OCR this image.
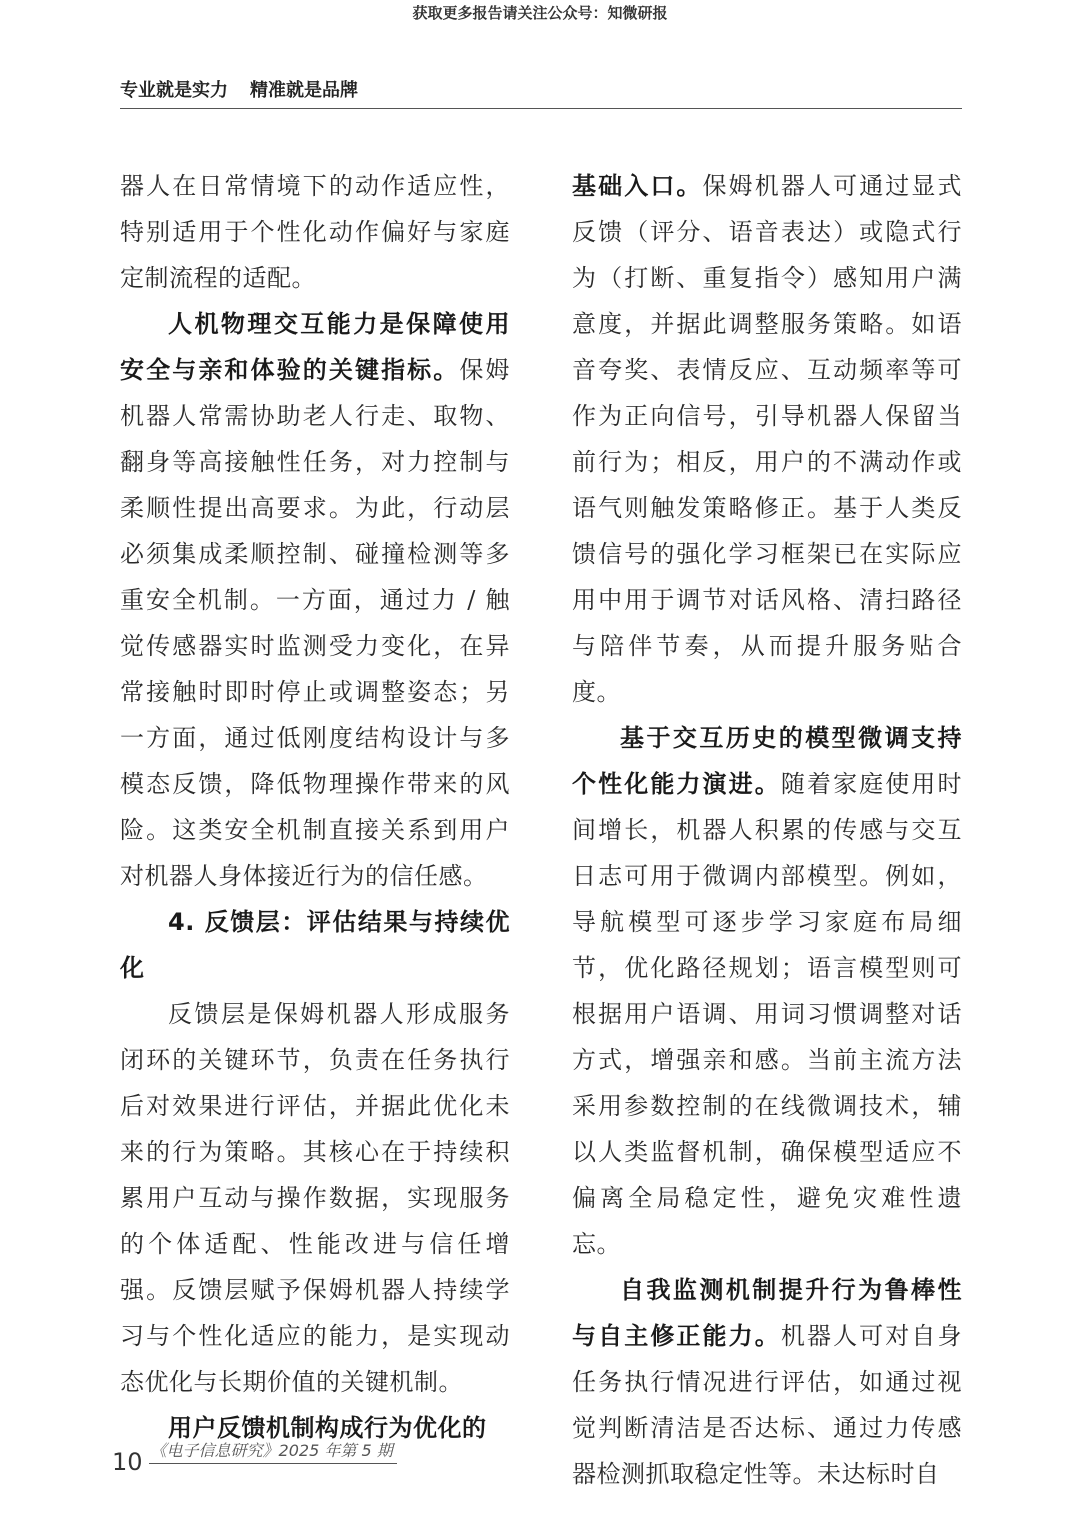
获取更多报告请关注公众号：知微研报
专业就是实力 精准就是品牌

器人在日常情境下的动作适应性，特别适用于个性化动作偏好与家庭定制流程的适配。

人机物理交互能力是保障使用安全与亲和体验的关键指标。保姆机器人常需协助老人行走、取物、翻身等高接触性任务，对力控制与柔顺性提出高要求。为此，行动层必须集成柔顺控制、碰撞检测等多重安全机制。一方面，通过力 / 触觉传感器实时监测受力变化，在异常接触时即时停止或调整姿态；另一方面，通过低刚度结构设计与多模态反馈，降低物理操作带来的风险。这类安全机制直接关系到用户对机器人身体接近行为的信任感。

4. 反馈层：评估结果与持续优化

反馈层是保姆机器人形成服务闭环的关键环节，负责在任务执行后对效果进行评估，并据此优化未来的行为策略。其核心在于持续积累用户互动与操作数据，实现服务的个体适配、性能改进与信任增强。反馈层赋予保姆机器人持续学习与个性化适应的能力，是实现动态优化与长期价值的关键机制。

用户反馈机制构成行为优化的

基础入口。保姆机器人可通过显式反馈（评分、语音表达）或隐式行为（打断、重复指令）感知用户满意度，并据此调整服务策略。如语音夸奖、表情反应、互动频率等可作为正向信号，引导机器人保留当前行为；相反，用户的不满动作或语气则触发策略修正。基于人类反馈信号的强化学习框架已在实际应用中用于调节对话风格、清扫路径与陪伴节奏，从而提升服务贴合度。

基于交互历史的模型微调支持个性化能力演进。随着家庭使用时间增长，机器人积累的传感与交互日志可用于微调内部模型。例如，导航模型可逐步学习家庭布局细节，优化路径规划；语言模型则可根据用户语调、用词习惯调整对话方式，增强亲和感。当前主流方法采用参数控制的在线微调技术，辅以人类监督机制，确保模型适应不偏离全局稳定性，避免灾难性遗忘。

自我监测机制提升行为鲁棒性与自主修正能力。机器人可对自身任务执行情况进行评估，如通过视觉判断清洁是否达标、通过力传感器检测抓取稳定性等。未达标时自

10 《电子信息研究》2025 年第 5 期
